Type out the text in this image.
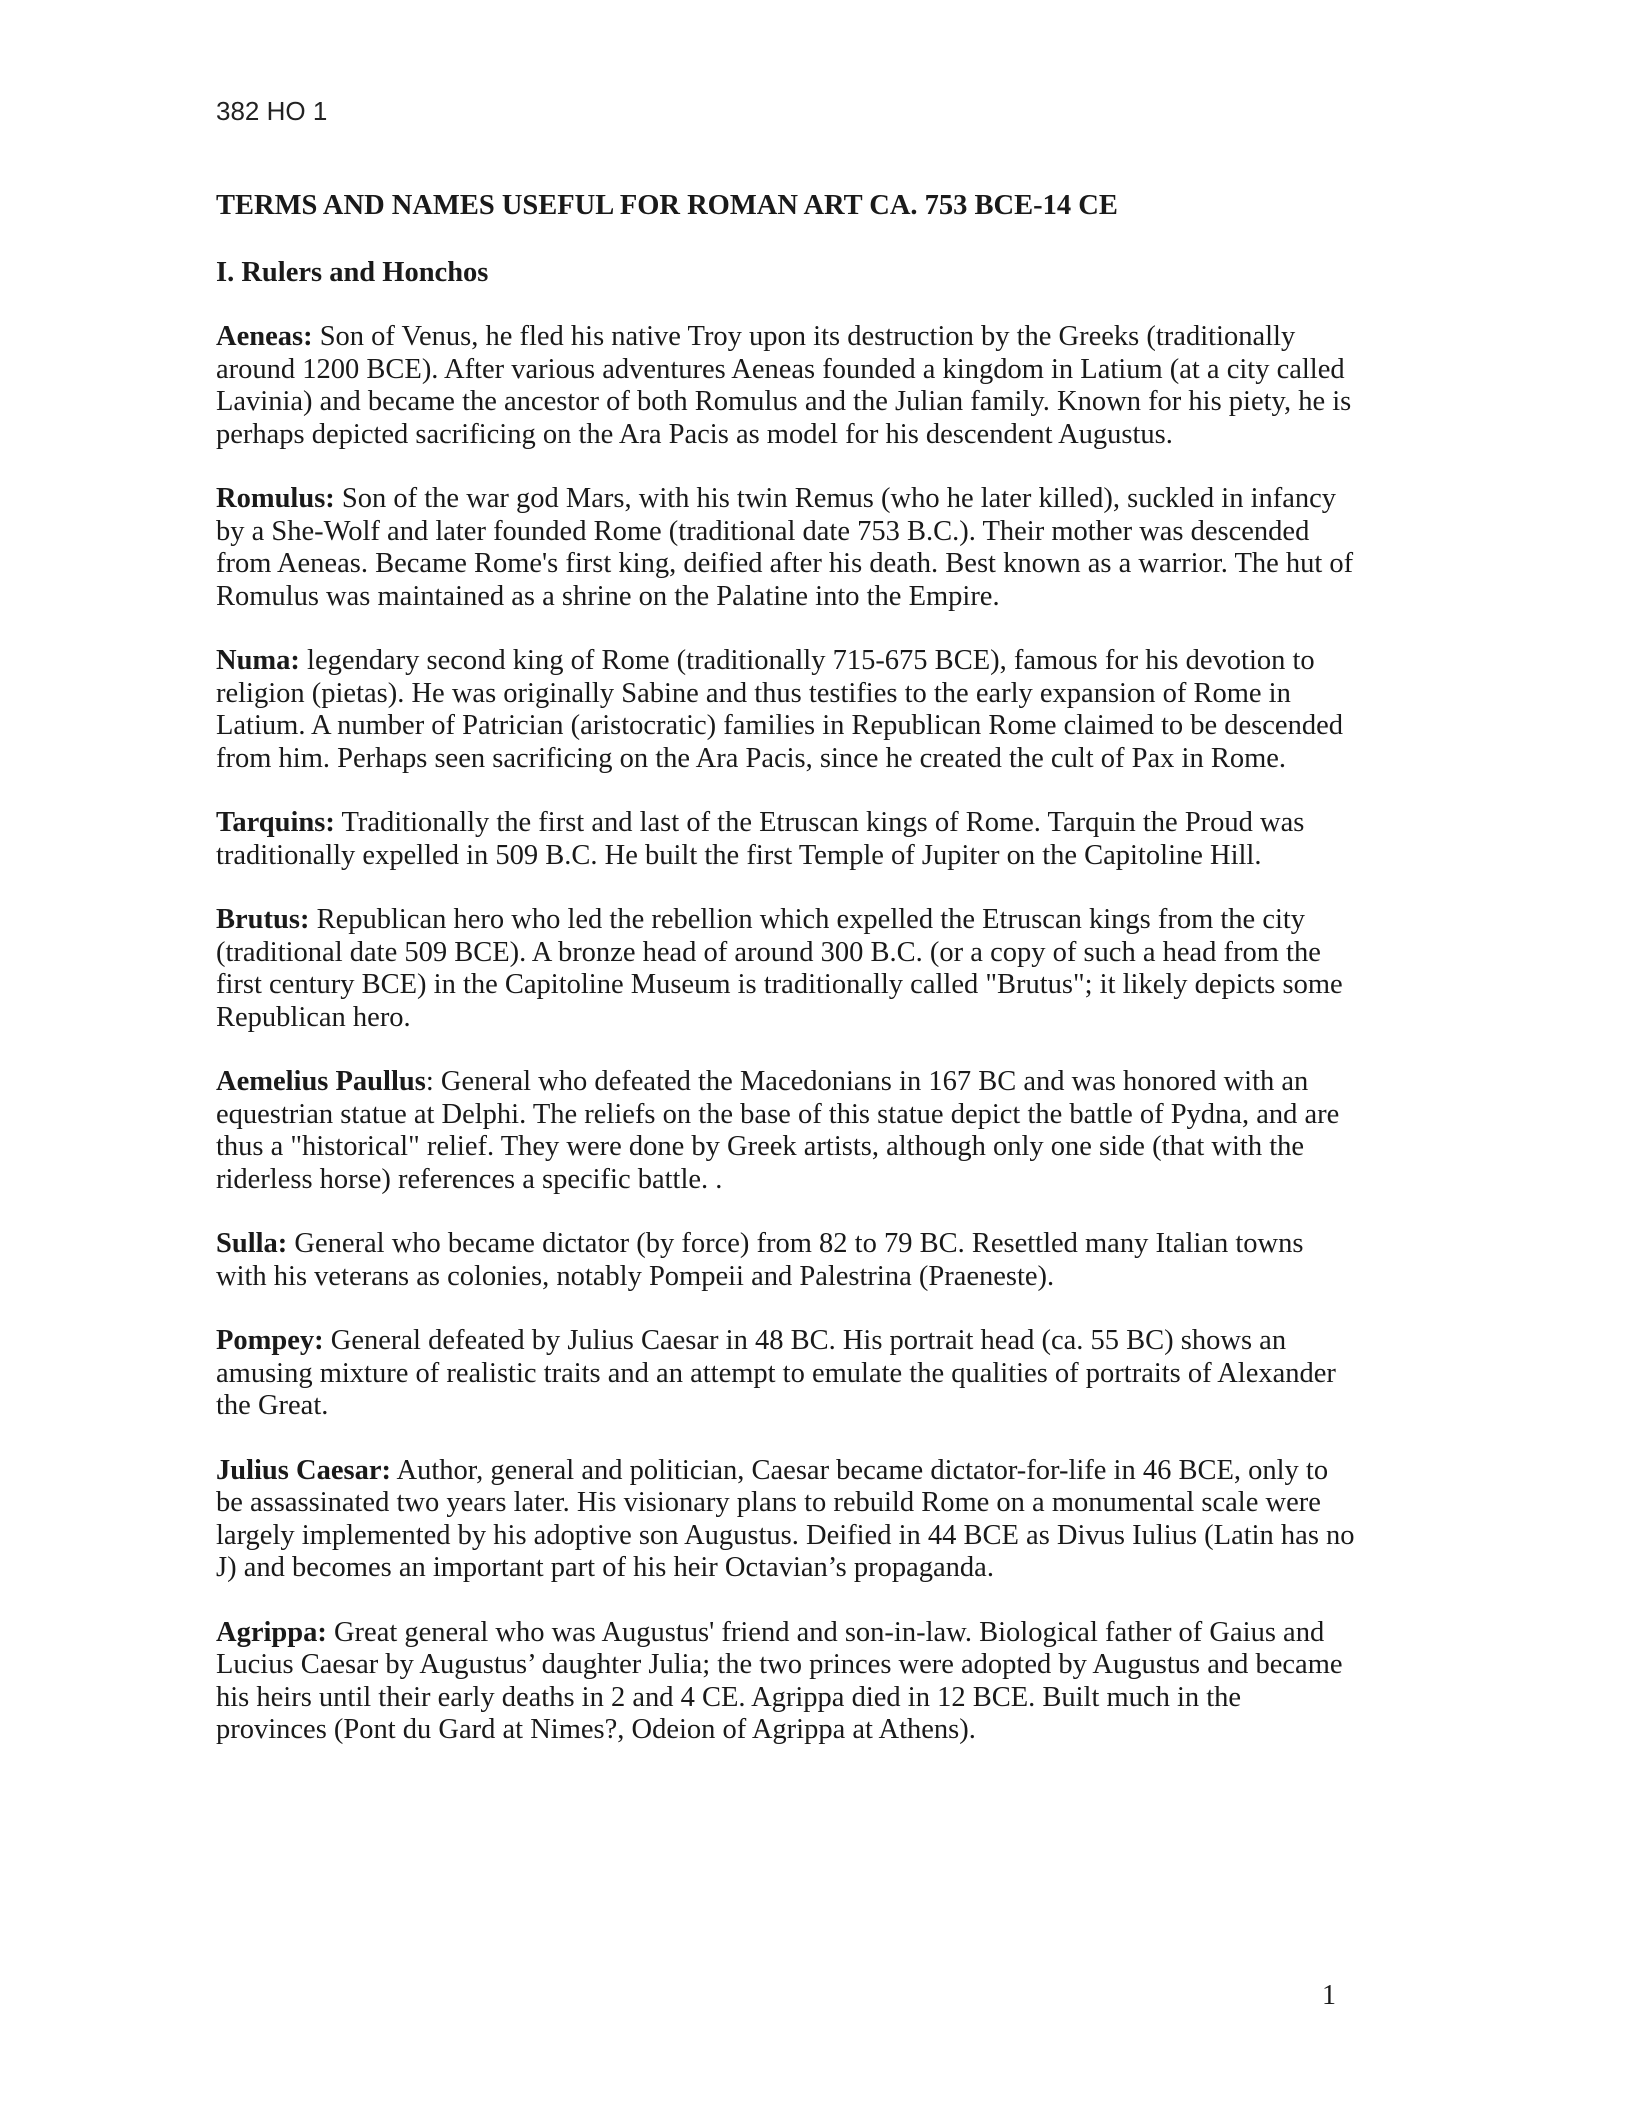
382 HO 1
TERMS AND NAMES USEFUL FOR ROMAN ART CA. 753 BCE-14 CE
I. Rulers and Honchos
Aeneas: Son of Venus, he fled his native Troy upon its destruction by the Greeks (traditionally around 1200 BCE). After various adventures Aeneas founded a kingdom in Latium (at a city called Lavinia) and became the ancestor of both Romulus and the Julian family. Known for his piety, he is perhaps depicted sacrificing on the Ara Pacis as model for his descendent Augustus.
Romulus: Son of the war god Mars, with his twin Remus (who he later killed), suckled in infancy by a She-Wolf and later founded Rome (traditional date 753 B.C.). Their mother was descended from Aeneas. Became Rome's first king, deified after his death. Best known as a warrior. The hut of Romulus was maintained as a shrine on the Palatine into the Empire.
Numa: legendary second king of Rome (traditionally 715-675 BCE), famous for his devotion to religion (pietas). He was originally Sabine and thus testifies to the early expansion of Rome in Latium. A number of Patrician (aristocratic) families in Republican Rome claimed to be descended from him. Perhaps seen sacrificing on the Ara Pacis, since he created the cult of Pax in Rome.
Tarquins: Traditionally the first and last of the Etruscan kings of Rome. Tarquin the Proud was traditionally expelled in 509 B.C. He built the first Temple of Jupiter on the Capitoline Hill.
Brutus: Republican hero who led the rebellion which expelled the Etruscan kings from the city (traditional date 509 BCE). A bronze head of around 300 B.C. (or a copy of such a head from the first century BCE) in the Capitoline Museum is traditionally called "Brutus"; it likely depicts some Republican hero.
Aemelius Paullus: General who defeated the Macedonians in 167 BC and was honored with an equestrian statue at Delphi. The reliefs on the base of this statue depict the battle of Pydna, and are thus a "historical" relief. They were done by Greek artists, although only one side (that with the riderless horse) references a specific battle. .
Sulla: General who became dictator (by force) from 82 to 79 BC. Resettled many Italian towns with his veterans as colonies, notably Pompeii and Palestrina (Praeneste).
Pompey: General defeated by Julius Caesar in 48 BC. His portrait head (ca. 55 BC) shows an amusing mixture of realistic traits and an attempt to emulate the qualities of portraits of Alexander the Great.
Julius Caesar: Author, general and politician, Caesar became dictator-for-life in 46 BCE, only to be assassinated two years later. His visionary plans to rebuild Rome on a monumental scale were largely implemented by his adoptive son Augustus. Deified in 44 BCE as Divus Iulius (Latin has no J) and becomes an important part of his heir Octavian’s propaganda.
Agrippa: Great general who was Augustus' friend and son-in-law. Biological father of Gaius and Lucius Caesar by Augustus’ daughter Julia; the two princes were adopted by Augustus and became his heirs until their early deaths in 2 and 4 CE. Agrippa died in 12 BCE. Built much in the provinces (Pont du Gard at Nimes?, Odeion of Agrippa at Athens).
1
